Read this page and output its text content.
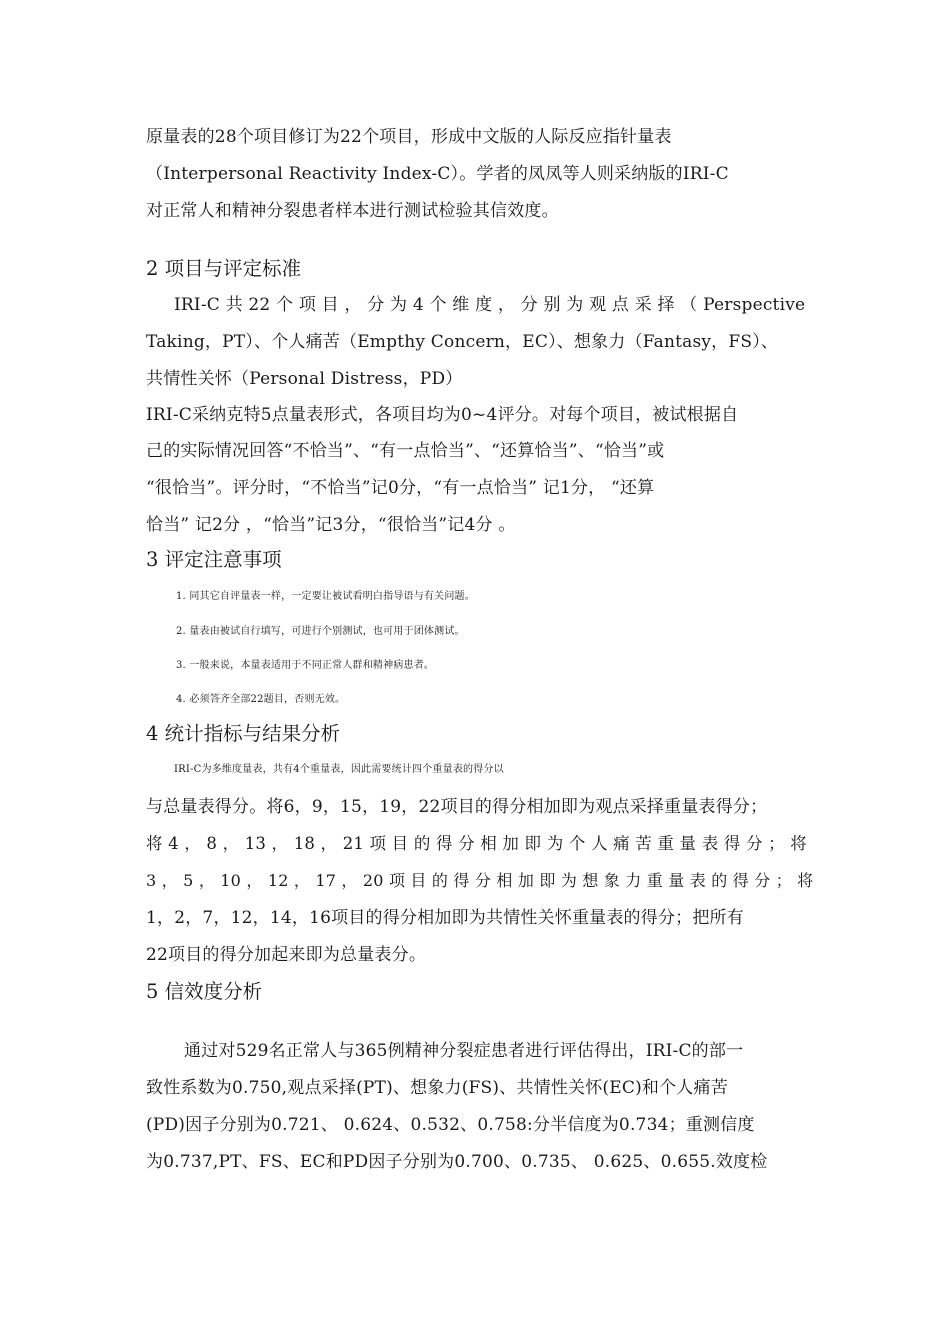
原量表的28个项目修订为22个项目，形成中文版的人际反应指针量表
（Interpersonal Reactivity Index-C）。学者的凤凤等人则采纳版的IRI-C
对正常人和精神分裂患者样本进行测试检验其信效度。
2 项目与评定标准
IRI-C 共 22 个 项 目 ， 分 为 4 个 维 度 ， 分 别 为 观 点 采 择 （ Perspective
Taking，PT）、个人痛苦（Empthy Concern，EC）、想象力（Fantasy，FS）、
共情性关怀（Personal Distress，PD）
IRI-C采纳克特5点量表形式，各项目均为0~4评分。对每个项目，被试根据自
己的实际情况回答“不恰当”、“有一点恰当”、“还算恰当”、“恰当”或
“很恰当”。评分时，“不恰当”记0分，“有一点恰当” 记1分， “还算
恰当” 记2分 ，“恰当”记3分，“很恰当”记4分 。
3 评定注意事项
1. 同其它自评量表一样，一定要让被试看明白指导语与有关问题。
2. 量表由被试自行填写，可进行个别测试，也可用于团体测试。
3. 一般来说，本量表适用于不同正常人群和精神病患者。
4. 必须答齐全部22题目，否则无效。
4 统计指标与结果分析
IRI-C为多维度量表，共有4个重量表，因此需要统计四个重量表的得分以
与总量表得分。将6，9，15，19，22项目的得分相加即为观点采择重量表得分；
将 4 ， 8 ， 13 ， 18 ， 21 项 目 的 得 分 相 加 即 为 个 人 痛 苦 重 量 表 得 分 ； 将
3 ， 5 ， 10 ， 12 ， 17 ， 20 项 目 的 得 分 相 加 即 为 想 象 力 重 量 表 的 得 分 ； 将
1，2，7，12，14，16项目的得分相加即为共情性关怀重量表的得分；把所有
22项目的得分加起来即为总量表分。
5 信效度分析
通过对529名正常人与365例精神分裂症患者进行评估得出，IRI-C的部一
致性系数为0.750,观点采择(PT)、想象力(FS)、共情性关怀(EC)和个人痛苦
(PD)因子分别为0.721、 0.624、0.532、0.758:分半信度为0.734；重测信度
为0.737,PT、FS、EC和PD因子分别为0.700、0.735、 0.625、0.655.效度检
